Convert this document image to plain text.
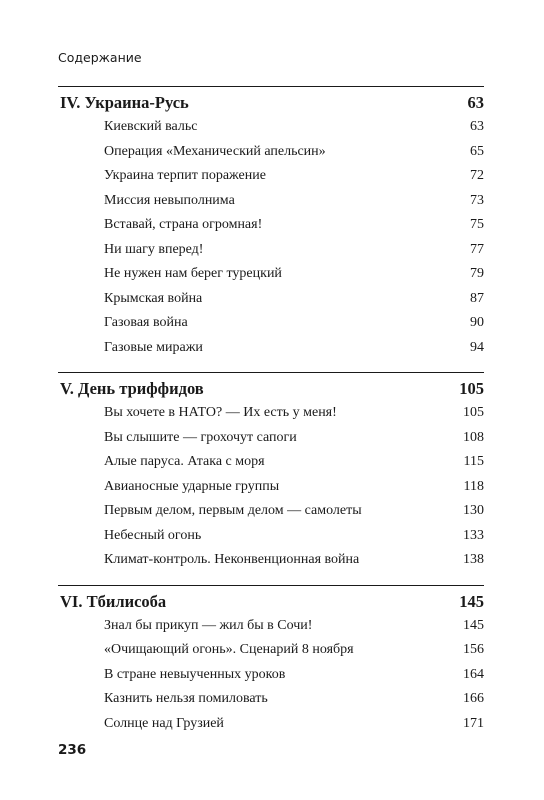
Содержание
IV. Украина-Русь	63
Киевский вальс	63
Операция «Механический апельсин»	65
Украина терпит поражение	72
Миссия невыполнима	73
Вставай, страна огромная!	75
Ни шагу вперед!	77
Не нужен нам берег турецкий	79
Крымская война	87
Газовая война	90
Газовые миражи	94
V. День триффидов	105
Вы хочете в НАТО? — Их есть у меня!	105
Вы слышите — грохочут сапоги	108
Алые паруса. Атака с моря	115
Авианосные ударные группы	118
Первым делом, первым делом — самолеты	130
Небесный огонь	133
Климат-контроль. Неконвенционная война	138
VI. Тбилисоба	145
Знал бы прикуп — жил бы в Сочи!	145
«Очищающий огонь». Сценарий 8 ноября	156
В стране невыученных уроков	164
Казнить нельзя помиловать	166
Солнце над Грузией	171
236
